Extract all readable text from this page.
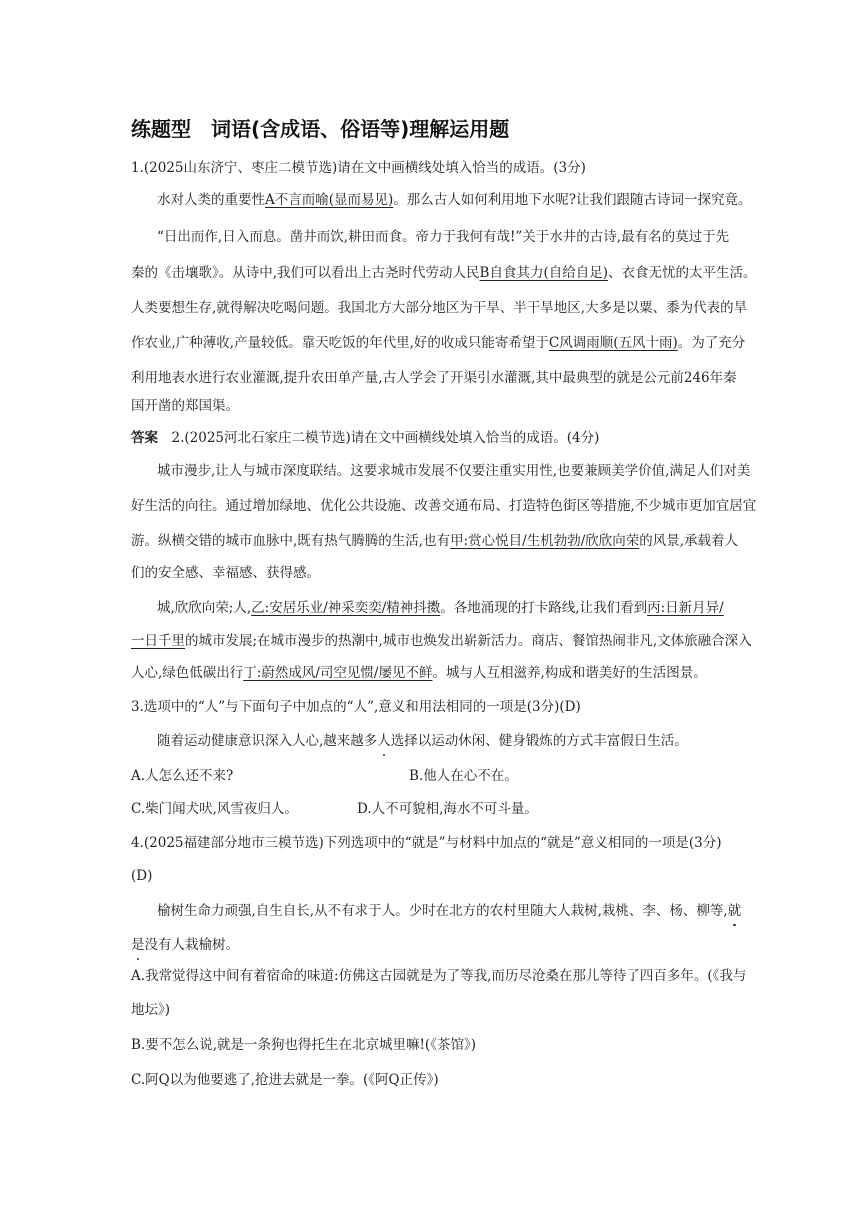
练题型　词语(含成语、俗语等)理解运用题
1.(2025山东济宁、枣庄二模节选)请在文中画横线处填入恰当的成语。(3分)
水对人类的重要性A不言而喻(显而易见)。那么古人如何利用地下水呢?让我们跟随古诗词一探究竟。
“日出而作,日入而息。凿井而饮,耕田而食。帝力于我何有哉!”关于水井的古诗,最有名的莫过于先
秦的《击壤歌》。从诗中,我们可以看出上古尧时代劳动人民B自食其力(自给自足)、衣食无忧的太平生活。
人类要想生存,就得解决吃喝问题。我国北方大部分地区为干旱、半干旱地区,大多是以粟、黍为代表的旱
作农业,广种薄收,产量较低。靠天吃饭的年代里,好的收成只能寄希望于C风调雨顺(五风十雨)。为了充分
利用地表水进行农业灌溉,提升农田单产量,古人学会了开渠引水灌溉,其中最典型的就是公元前246年秦
国开凿的郑国渠。
答案  2.(2025河北石家庄二模节选)请在文中画横线处填入恰当的成语。(4分)
城市漫步,让人与城市深度联结。这要求城市发展不仅要注重实用性,也要兼顾美学价值,满足人们对美
好生活的向往。通过增加绿地、优化公共设施、改善交通布局、打造特色街区等措施,不少城市更加宜居宜
游。纵横交错的城市血脉中,既有热气腾腾的生活,也有甲:赏心悦目/生机勃勃/欣欣向荣的风景,承载着人
们的安全感、幸福感、获得感。
城,欣欣向荣;人,乙:安居乐业/神采奕奕/精神抖擞。各地涌现的打卡路线,让我们看到丙:日新月异/
一日千里的城市发展;在城市漫步的热潮中,城市也焕发出崭新活力。商店、餐馆热闹非凡,文体旅融合深入
人心,绿色低碳出行丁:蔚然成风/司空见惯/屡见不鲜。城与人互相滋养,构成和谐美好的生活图景。
3.选项中的“人”与下面句子中加点的“人”,意义和用法相同的一项是(3分)(D)
随着运动健康意识深入人心,越来越多人选择以运动休闲、健身锻炼的方式丰富假日生活。
A.人怎么还不来?	B.他人在心不在。
C.柴门闻犬吠,风雪夜归人。	D.人不可貌相,海水不可斗量。
4.(2025福建部分地市三模节选)下列选项中的“就是”与材料中加点的“就是”意义相同的一项是(3分)
(D)
榆树生命力顽强,自生自长,从不有求于人。少时在北方的农村里随大人栽树,栽桃、李、杨、柳等,就
是没有人栽榆树。
A.我常觉得这中间有着宿命的味道:仿佛这古园就是为了等我,而历尽沧桑在那儿等待了四百多年。(《我与
地坛》)
B.要不怎么说,就是一条狗也得托生在北京城里嘛!(《茶馆》)
C.阿Q以为他要逃了,抢进去就是一拳。(《阿Q正传》)
